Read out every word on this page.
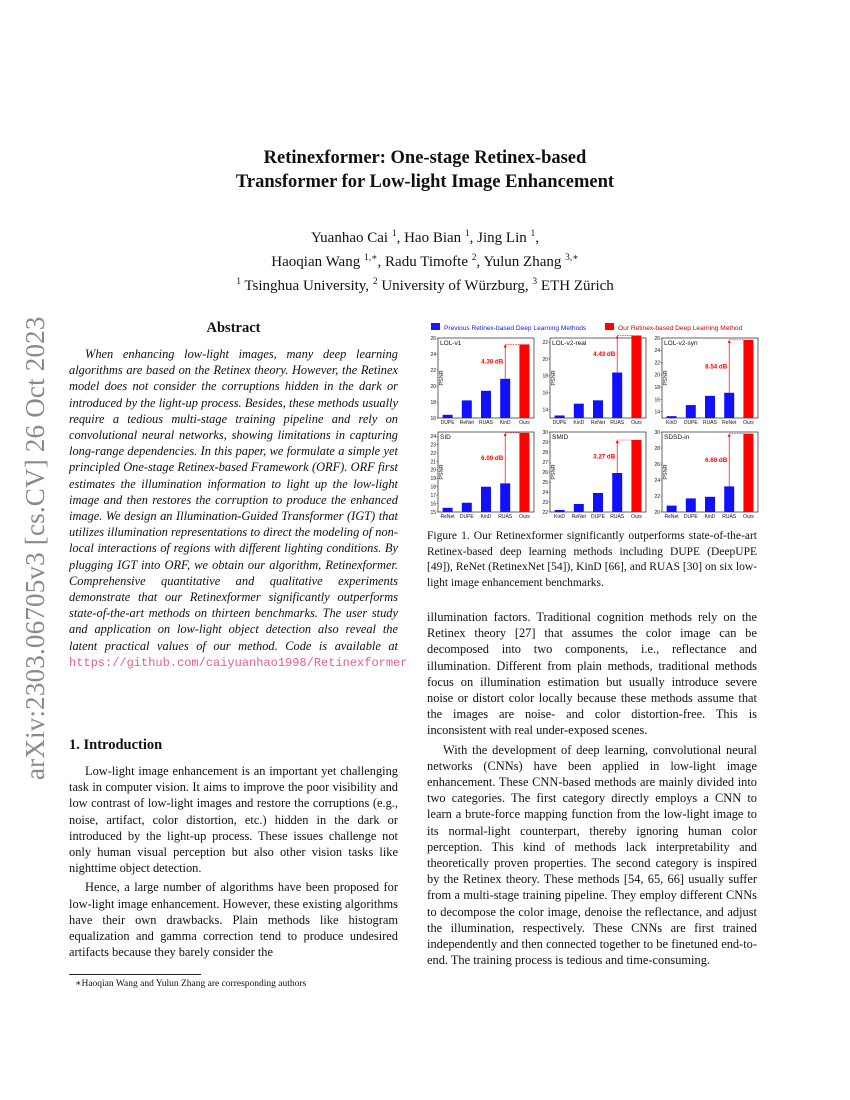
arXiv:2303.06705v3 [cs.CV] 26 Oct 2023
Retinexformer: One-stage Retinex-based
Transformer for Low-light Image Enhancement
Yuanhao Cai $^1$, Hao Bian $^1$, Jing Lin $^1$,
Haoqian Wang $^{1,∗}$, Radu Timofte $^2$, Yulun Zhang $^{3,∗}$
$^1$ Tsinghua University, $^2$ University of Würzburg, $^3$ ETH Zürich
Abstract

When enhancing low-light images, many deep learning algorithms are based on the Retinex theory. However, the Retinex model does not consider the corruptions hidden in the dark or introduced by the light-up process. Besides, these methods usually require a tedious multi-stage training pipeline and rely on convolutional neural networks, showing limitations in capturing long-range dependencies. In this paper, we formulate a simple yet principled One-stage Retinex-based Framework (ORF). ORF first estimates the illumination information to light up the low-light image and then restores the corruption to produce the enhanced image. We design an Illumination-Guided Transformer (IGT) that utilizes illumination representations to direct the modeling of non-local interactions of regions with different lighting conditions. By plugging IGT into ORF, we obtain our algorithm, Retinexformer. Comprehensive quantitative and qualitative experiments demonstrate that our Retinexformer significantly outperforms state-of-the-art methods on thirteen benchmarks. The user study and application on low-light object detection also reveal the latent practical values of our method. Code is available at https://github.com/caiyuanhao1998/Retinexformer

1. Introduction

Low-light image enhancement is an important yet challenging task in computer vision. It aims to improve the poor visibility and low contrast of low-light images and restore the corruptions (e.g., noise, artifact, color distortion, etc.) hidden in the dark or introduced by the light-up process. These issues challenge not only human visual perception but also other vision tasks like nighttime object detection.

Hence, a large number of algorithms have been proposed for low-light image enhancement. However, these existing algorithms have their own drawbacks. Plain methods like histogram equalization and gamma correction tend to produce undesired artifacts because they barely consider the

∗Haoqian Wang and Yulun Zhang are corresponding authors
Previous Retinex-based Deep Learning Methods	Our Retinex-based Deep Learning Method
LOL-v1
16
18
20
22
24
26
PSNR
DUPE ReNet RUAS KinD Ours
4.30 dB
LOL-v2-real
14
16
18
20
22
PSNR
DUPE KinD ReNet RUAS Ours
4.43 dB
LOL-v2-syn
14
16
18
20
22
24
26
PSNR
KinD DUPE RUAS ReNet Ours
8.54 dB
SID
15
16
17
18
19
20
21
22
23
24
PSNR
ReNet DUPE KinD RUAS Ours
6.00 dB
SMID
22
23
24
25
26
27
28
29
30
PSNR
KinD ReNet DUPE RUAS Ours
3.27 dB
SDSD-in
20
22
24
26
28
30
PSNR
ReNet DUPE KinD RUAS Ours
6.60 dB

Figure 1. Our Retinexformer significantly outperforms state-of-the-art Retinex-based deep learning methods including DUPE (DeepUPE [49]), ReNet (RetinexNet [54]), KinD [66], and RUAS [30] on six low-light image enhancement benchmarks.

illumination factors. Traditional cognition methods rely on the Retinex theory [27] that assumes the color image can be decomposed into two components, i.e., reflectance and illumination. Different from plain methods, traditional methods focus on illumination estimation but usually introduce severe noise or distort color locally because these methods assume that the images are noise- and color distortion-free. This is inconsistent with real under-exposed scenes.

With the development of deep learning, convolutional neural networks (CNNs) have been applied in low-light image enhancement. These CNN-based methods are mainly divided into two categories. The first category directly employs a CNN to learn a brute-force mapping function from the low-light image to its normal-light counterpart, thereby ignoring human color perception. This kind of methods lack interpretability and theoretically proven properties. The second category is inspired by the Retinex theory. These methods [54, 65, 66] usually suffer from a multi-stage training pipeline. They employ different CNNs to decompose the color image, denoise the reflectance, and adjust the illumination, respectively. These CNNs are first trained independently and then connected together to be finetuned end-to-end. The training process is tedious and time-consuming.
